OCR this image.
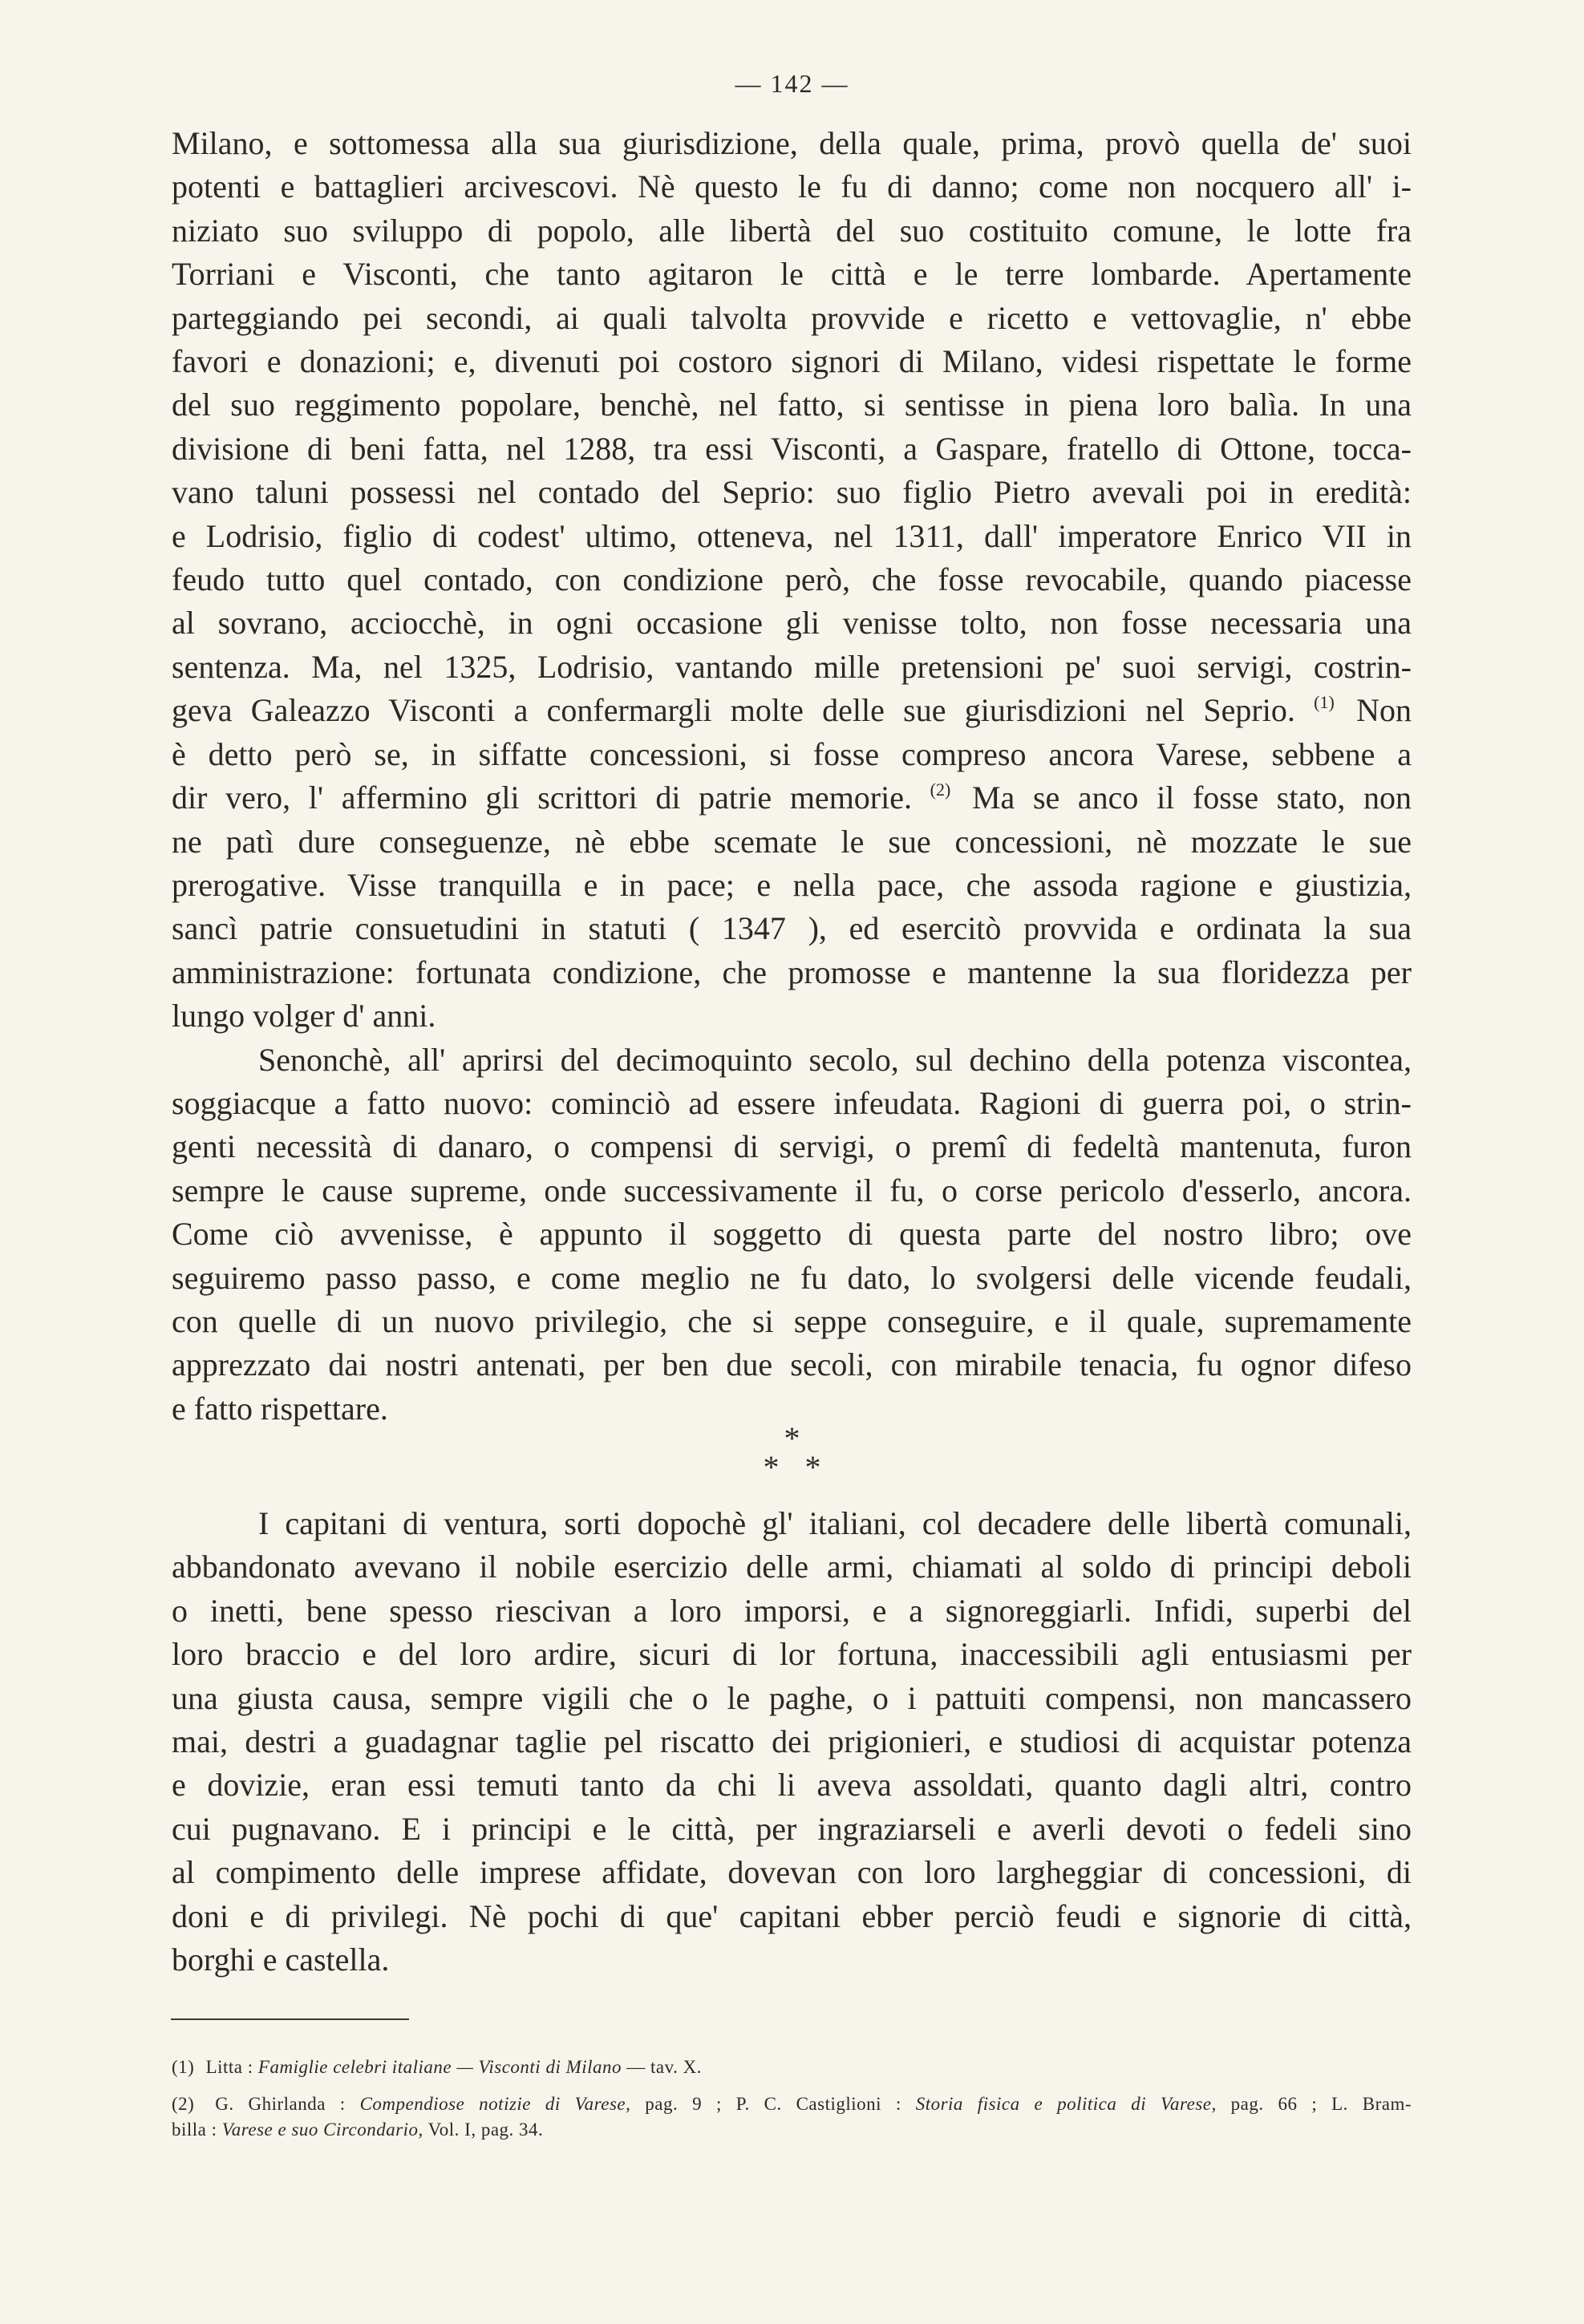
— 142 —
Milano, e sottomessa alla sua giurisdizione, della quale, prima, provò quella de' suoi
potenti e battaglieri arcivescovi. Nè questo le fu di danno; come non nocquero all' i-
niziato suo sviluppo di popolo, alle libertà del suo costituito comune, le lotte fra
Torriani e Visconti, che tanto agitaron le città e le terre lombarde. Apertamente
parteggiando pei secondi, ai quali talvolta provvide e ricetto e vettovaglie, n' ebbe
favori e donazioni; e, divenuti poi costoro signori di Milano, videsi rispettate le forme
del suo reggimento popolare, benchè, nel fatto, si sentisse in piena loro balìa. In una
divisione di beni fatta, nel 1288, tra essi Visconti, a Gaspare, fratello di Ottone, tocca-
vano taluni possessi nel contado del Seprio: suo figlio Pietro avevali poi in eredità:
e Lodrisio, figlio di codest' ultimo, otteneva, nel 1311, dall' imperatore Enrico VII in
feudo tutto quel contado, con condizione però, che fosse revocabile, quando piacesse
al sovrano, acciocchè, in ogni occasione gli venisse tolto, non fosse necessaria una
sentenza. Ma, nel 1325, Lodrisio, vantando mille pretensioni pe' suoi servigi, costrin-
geva Galeazzo Visconti a confermargli molte delle sue giurisdizioni nel Seprio. $^{(1)}$ Non
è detto però se, in siffatte concessioni, si fosse compreso ancora Varese, sebbene a
dir vero, l' affermino gli scrittori di patrie memorie. $^{(2)}$ Ma se anco il fosse stato, non
ne patì dure conseguenze, nè ebbe scemate le sue concessioni, nè mozzate le sue
prerogative. Visse tranquilla e in pace; e nella pace, che assoda ragione e giustizia,
sancì patrie consuetudini in statuti ( 1347 ), ed esercitò provvida e ordinata la sua
amministrazione: fortunata condizione, che promosse e mantenne la sua floridezza per
lungo volger d' anni.
Senonchè, all' aprirsi del decimoquinto secolo, sul dechino della potenza viscontea,
soggiacque a fatto nuovo: cominciò ad essere infeudata. Ragioni di guerra poi, o strin-
genti necessità di danaro, o compensi di servigi, o premî di fedeltà mantenuta, furon
sempre le cause supreme, onde successivamente il fu, o corse pericolo d'esserlo, ancora.
Come ciò avvenisse, è appunto il soggetto di questa parte del nostro libro; ove
seguiremo passo passo, e come meglio ne fu dato, lo svolgersi delle vicende feudali,
con quelle di un nuovo privilegio, che si seppe conseguire, e il quale, supremamente
apprezzato dai nostri antenati, per ben due secoli, con mirabile tenacia, fu ognor difeso
e fatto rispettare.
*
* *
I capitani di ventura, sorti dopochè gl' italiani, col decadere delle libertà comunali,
abbandonato avevano il nobile esercizio delle armi, chiamati al soldo di principi deboli
o inetti, bene spesso riescivan a loro imporsi, e a signoreggiarli. Infidi, superbi del
loro braccio e del loro ardire, sicuri di lor fortuna, inaccessibili agli entusiasmi per
una giusta causa, sempre vigili che o le paghe, o i pattuiti compensi, non mancassero
mai, destri a guadagnar taglie pel riscatto dei prigionieri, e studiosi di acquistar potenza
e dovizie, eran essi temuti tanto da chi li aveva assoldati, quanto dagli altri, contro
cui pugnavano. E i principi e le città, per ingraziarseli e averli devoti o fedeli sino
al compimento delle imprese affidate, dovevan con loro largheggiar di concessioni, di
doni e di privilegi. Nè pochi di que' capitani ebber perciò feudi e signorie di città,
borghi e castella.
(1) Litta : Famiglie celebri italiane — Visconti di Milano — tav. X.
(2) G. Ghirlanda : Compendiose notizie di Varese, pag. 9 ; P. C. Castiglioni : Storia fisica e politica di Varese, pag. 66 ; L. Bram-
billa : Varese e suo Circondario, Vol. I, pag. 34.
